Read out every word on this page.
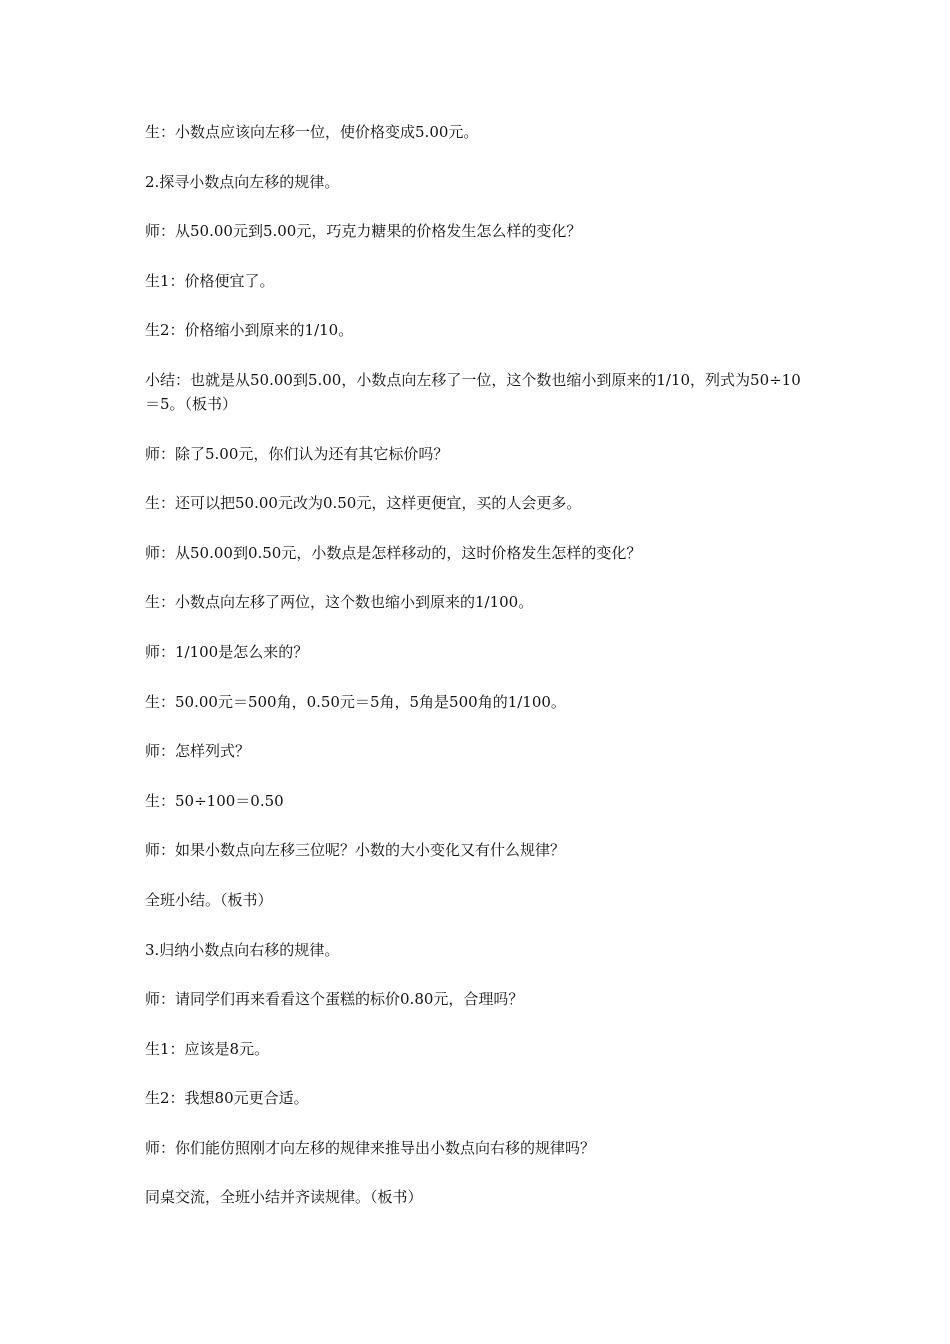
生：小数点应该向左移一位，使价格变成5.00元。

2.探寻小数点向左移的规律。

师：从50.00元到5.00元，巧克力糖果的价格发生怎么样的变化？

生1：价格便宜了。

生2：价格缩小到原来的1/10。

小结：也就是从50.00到5.00，小数点向左移了一位，这个数也缩小到原来的1/10，列式为50÷10＝5。（板书）

师：除了5.00元，你们认为还有其它标价吗？

生：还可以把50.00元改为0.50元，这样更便宜，买的人会更多。

师：从50.00到0.50元，小数点是怎样移动的，这时价格发生怎样的变化？

生：小数点向左移了两位，这个数也缩小到原来的1/100。

师：1/100是怎么来的？

生：50.00元＝500角，0.50元＝5角，5角是500角的1/100。

师：怎样列式？

生：50÷100＝0.50

师：如果小数点向左移三位呢？小数的大小变化又有什么规律？

全班小结。（板书）

3.归纳小数点向右移的规律。

师：请同学们再来看看这个蛋糕的标价0.80元，合理吗？

生1：应该是8元。

生2：我想80元更合适。

师：你们能仿照刚才向左移的规律来推导出小数点向右移的规律吗？

同桌交流，全班小结并齐读规律。（板书）
